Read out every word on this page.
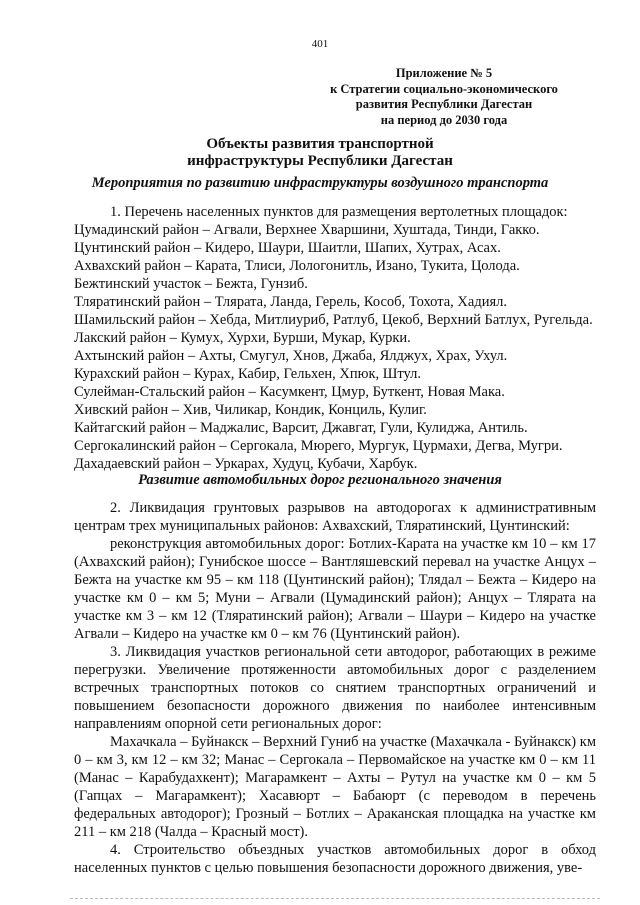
401
Приложение № 5
к Стратегии социально-экономического
развития Республики Дагестан
на период до 2030 года
Объекты развития транспортной
инфраструктуры Республики Дагестан
Мероприятия по развитию инфраструктуры воздушного транспорта

1. Перечень населенных пунктов для размещения вертолетных площадок:

Цумадинский район – Агвали, Верхнее Хваршини, Хуштада, Тинди, Гакко.

Цунтинский район – Кидеро, Шаури, Шаитли, Шапих, Хутрах, Асах.

Ахвахский район – Карата, Тлиси, Лологонитль, Изано, Тукита, Цолода.

Бежтинский участок – Бежта, Гунзиб.

Тляратинский район – Тлярата, Ланда, Герель, Кособ, Тохота, Хадиял.

Шамильский район – Хебда, Митлиуриб, Ратлуб, Цекоб, Верхний Батлух, Ругельда.

Лакский район – Кумух, Хурхи, Бурши, Мукар, Курки.

Ахтынский район – Ахты, Смугул, Хнов, Джаба, Ялджух, Храх, Ухул.

Курахский район – Курах, Кабир, Гельхен, Хпюк, Штул.

Сулейман-Стальский район – Касумкент, Цмур, Буткент, Новая Мака.

Хивский район – Хив, Чиликар, Кондик, Конциль, Кулиг.

Кайтагский район – Маджалис, Варсит, Джавгат, Гули, Кулиджа, Антиль.

Сергокалинский район – Сергокала, Мюрего, Мургук, Цурмахи, Дегва, Мугри.

Дахадаевский район – Уркарах, Худуц, Кубачи, Харбук.

Развитие автомобильных дорог регионального значения

2. Ликвидация грунтовых разрывов на автодорогах к административным центрам трех муниципальных районов: Ахвахский, Тляратинский, Цунтинский:

реконструкция автомобильных дорог: Ботлих-Карата на участке км 10 – км 17 (Ахвахский район); Гунибское шоссе – Вантляшевский перевал на участке Анцух – Бежта на участке км 95 – км 118 (Цунтинский район); Тлядал – Бежта – Кидеро на участке км 0 – км 5; Муни – Агвали (Цумадинский район); Анцух – Тлярата на участке км 3 – км 12 (Тляратинский район); Агвали – Шаури – Кидеро на участке Агвали – Кидеро на участке км 0 – км 76 (Цунтинский район).

3. Ликвидация участков региональной сети автодорог, работающих в режиме перегрузки. Увеличение протяженности автомобильных дорог с разделением встречных транспортных потоков со снятием транспортных ограничений и повышением безопасности дорожного движения по наиболее интенсивным направлениям опорной сети региональных дорог:

Махачкала – Буйнакск – Верхний Гуниб на участке (Махачкала - Буйнакск) км 0 – км 3, км 12 – км 32; Манас – Сергокала – Первомайское на участке км 0 – км 11 (Манас – Карабудахкент); Магарамкент – Ахты – Рутул на участке км 0 – км 5 (Гапцах – Магарамкент); Хасавюрт – Бабаюрт (с переводом в перечень федеральных автодорог); Грозный – Ботлих – Араканская площадка на участке км 211 – км 218 (Чалда – Красный мост).

4. Строительство объездных участков автомобильных дорог в обход населенных пунктов с целью повышения безопасности дорожного движения, уве-
